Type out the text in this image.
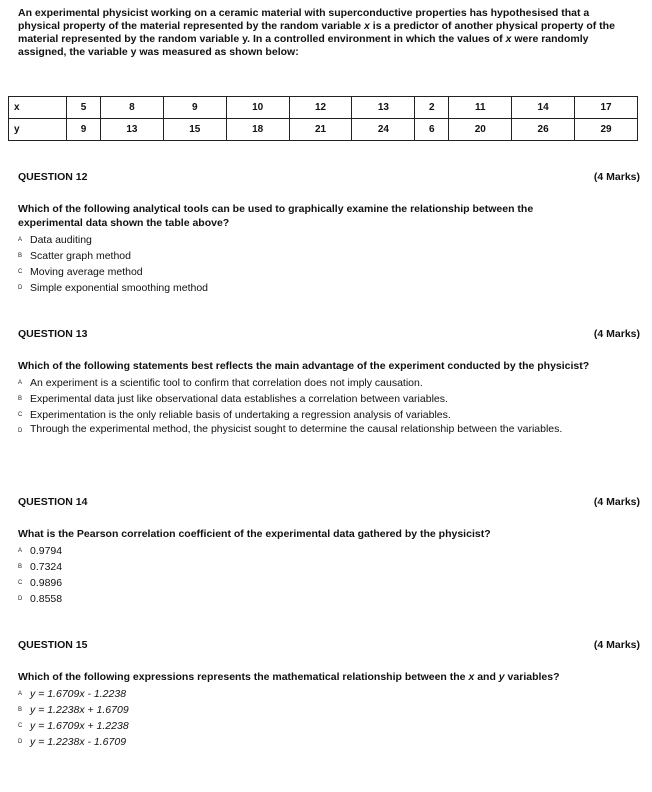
An experimental physicist working on a ceramic material with superconductive properties has hypothesised that a physical property of the material represented by the random variable x is a predictor of another physical property of the material represented by the random variable y. In a controlled environment in which the values of x were randomly assigned, the variable y was measured as shown below:
x	5	8	9	10	12	13	2	11	14	17
y	9	13	15	18	21	24	6	20	26	29
QUESTION 12	(4 Marks)
Which of the following analytical tools can be used to graphically examine the relationship between the experimental data shown the table above?
A Data auditing
B Scatter graph method
C Moving average method
D Simple exponential smoothing method
QUESTION 13	(4 Marks)
Which of the following statements best reflects the main advantage of the experiment conducted by the physicist?
A An experiment is a scientific tool to confirm that correlation does not imply causation.
B Experimental data just like observational data establishes a correlation between variables.
C Experimentation is the only reliable basis of undertaking a regression analysis of variables.
D Through the experimental method, the physicist sought to determine the causal relationship between the variables.
QUESTION 14	(4 Marks)
What is the Pearson correlation coefficient of the experimental data gathered by the physicist?
A 0.9794
B 0.7324
C 0.9896
D 0.8558
QUESTION 15	(4 Marks)
Which of the following expressions represents the mathematical relationship between the x and y variables?
A y = 1.6709x - 1.2238
B y = 1.2238x + 1.6709
C y = 1.6709x + 1.2238
D y = 1.2238x - 1.6709
